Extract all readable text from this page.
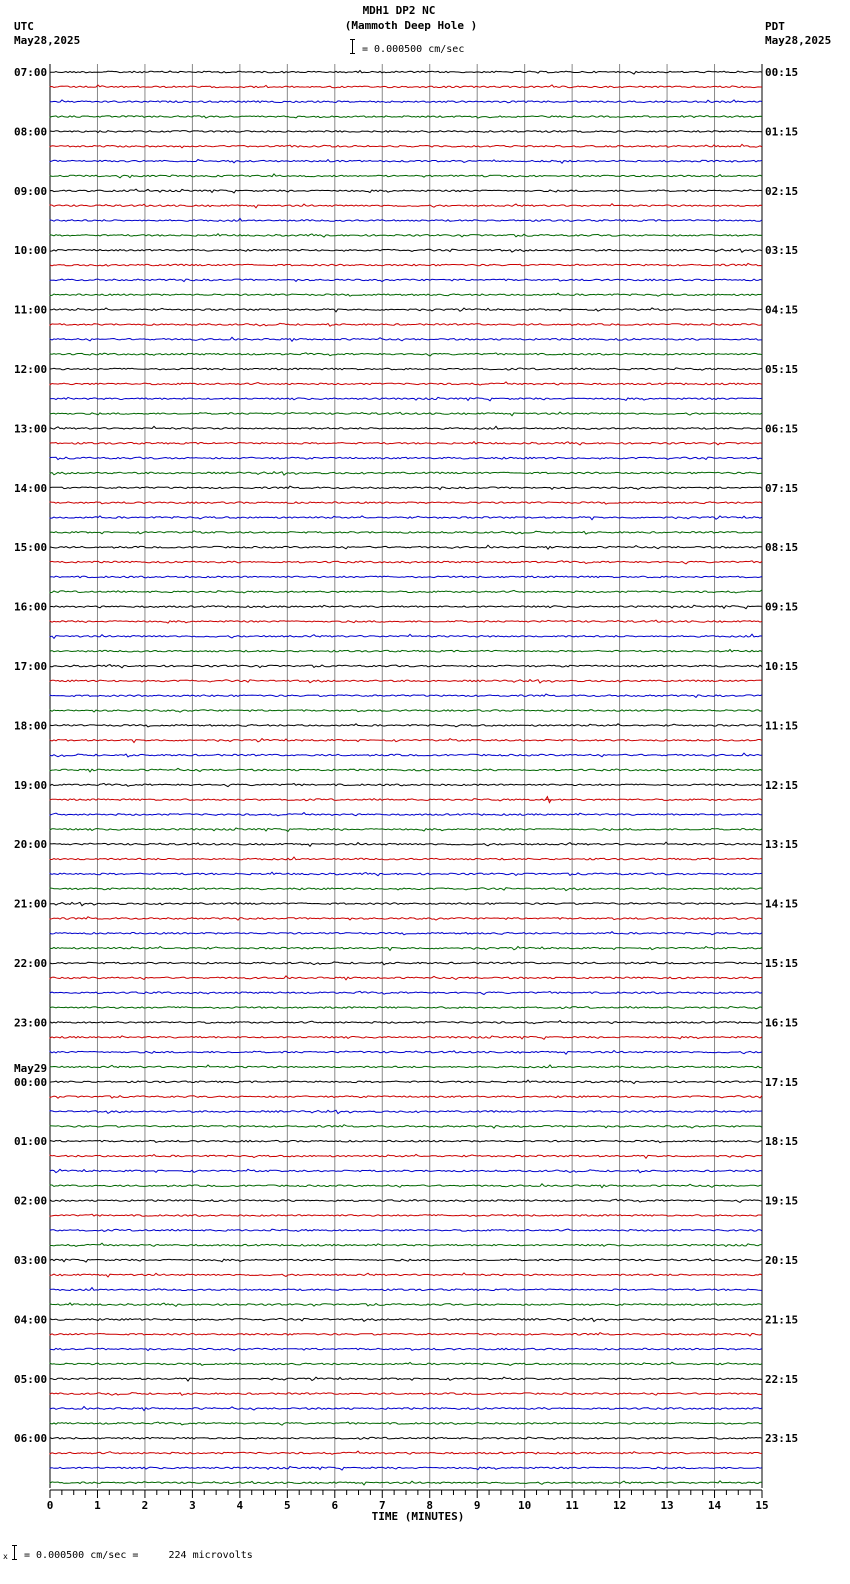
MDH1 DP2 NC
(Mammoth Deep Hole )
= 0.000500 cm/sec
UTC
May28,2025
PDT
May28,2025
07:00
08:00
09:00
10:00
11:00
12:00
13:00
14:00
15:00
16:00
17:00
18:00
19:00
20:00
21:00
22:00
23:00
00:00
01:00
02:00
03:00
04:00
05:00
06:00
00:15
01:15
02:15
03:15
04:15
05:15
06:15
07:15
08:15
09:15
10:15
11:15
12:15
13:15
14:15
15:15
16:15
17:15
18:15
19:15
20:15
21:15
22:15
23:15
May29
0	1	2	3	4	5	6	7	8	9	10	11	12	13	14	15
TIME (MINUTES)
x = 0.000500 cm/sec =     224 microvolts
